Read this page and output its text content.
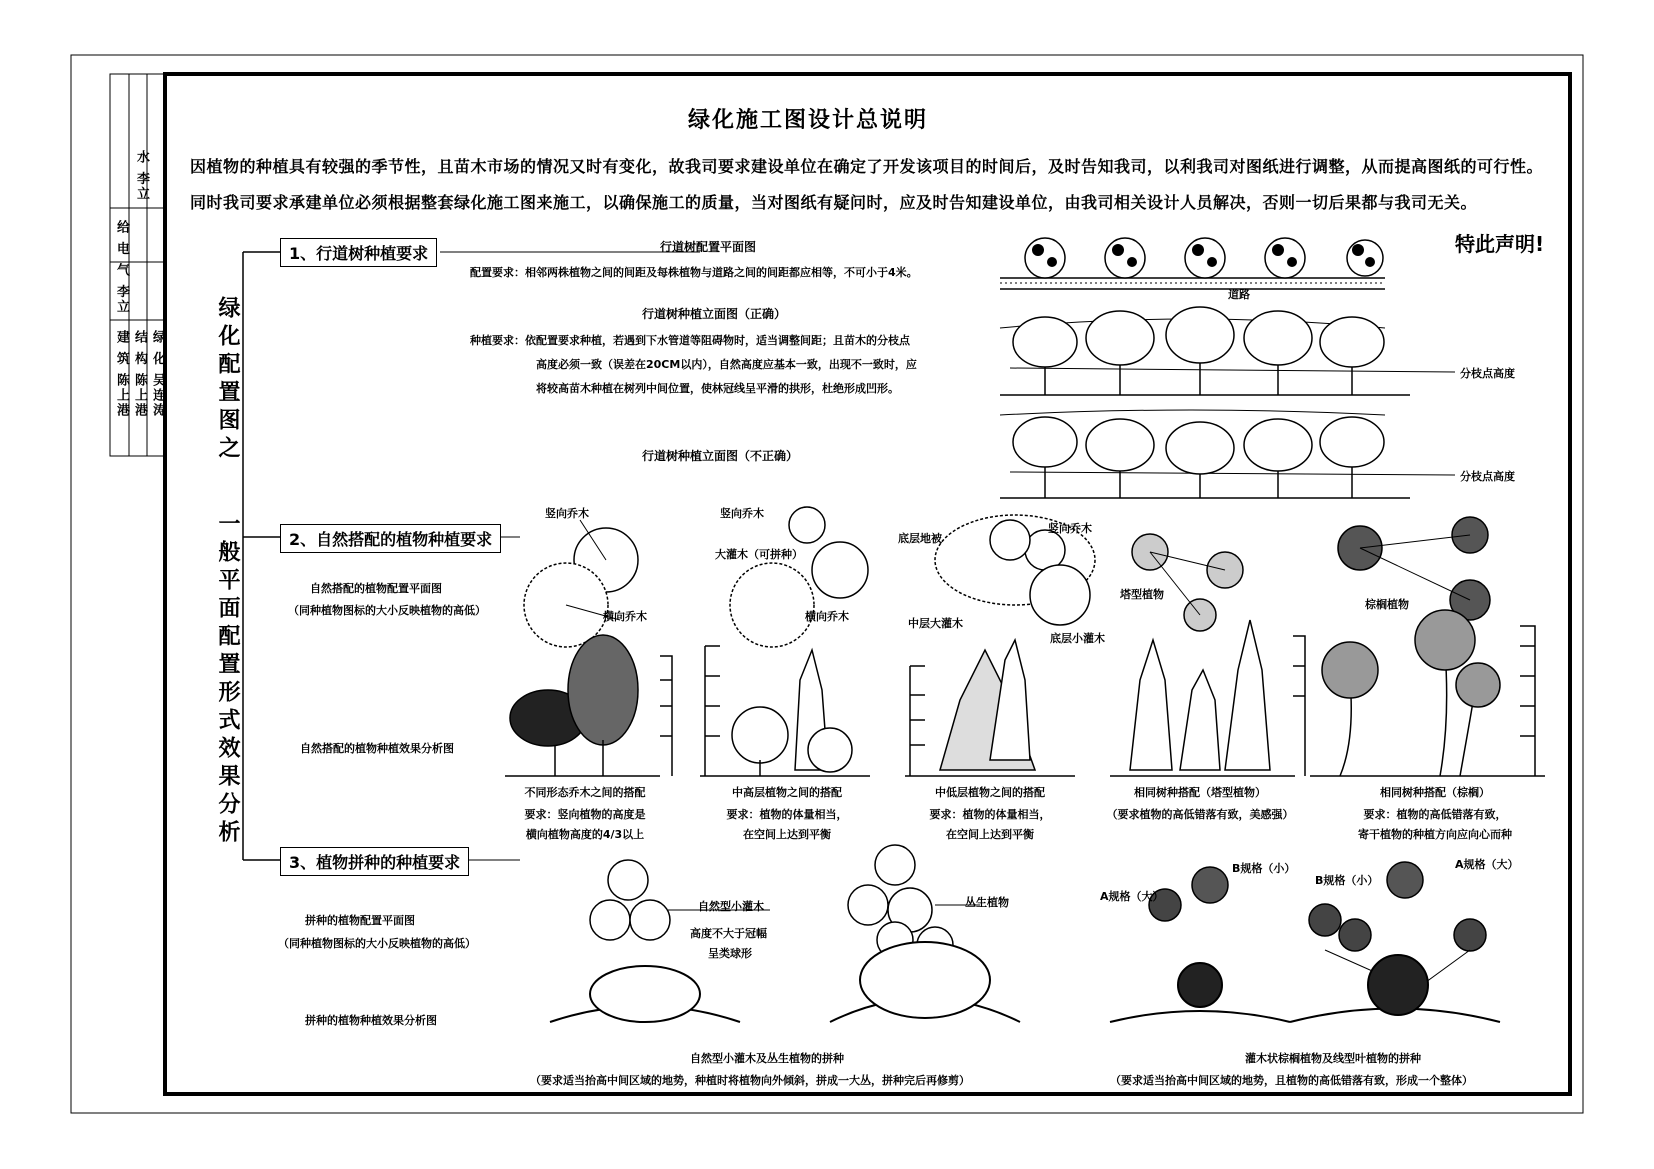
水 李立
给 电 气 李立
建 筑 陈上港 结 构 陈上港 绿 化 吴连涛
绿化施工图设计总说明
因植物的种植具有较强的季节性，且苗木市场的情况又时有变化，故我司要求建设单位在确定了开发该项目的时间后，及时告知我司，以利我司对图纸进行调整，从而提高图纸的可行性。
同时我司要求承建单位必须根据整套绿化施工图来施工，以确保施工的质量，当对图纸有疑问时，应及时告知建设单位，由我司相关设计人员解决，否则一切后果都与我司无关。
特此声明!
绿化配置图之
一般平面配置形式效果分析
1、行道树种植要求
2、自然搭配的植物种植要求
3、植物拼种的种植要求
行道树配置平面图
配置要求：相邻两株植物之间的间距及每株植物与道路之间的间距都应相等，不可小于4米。
道路
行道树种植立面图（正确）
种植要求：依配置要求种植，若遇到下水管道等阻碍物时，适当调整间距；且苗木的分枝点
高度必须一致（误差在20CM以内），自然高度应基本一致，出现不一致时，应
将较高苗木种植在树列中间位置，使林冠线呈平滑的拱形，杜绝形成凹形。
行道树种植立面图（不正确）
分枝点高度
分枝点高度
自然搭配的植物配置平面图
（同种植物图标的大小反映植物的高低）
自然搭配的植物种植效果分析图
竖向乔木
横向乔木
竖向乔木
大灌木（可拼种）
横向乔木
底层地被
竖向乔木
中层大灌木
底层小灌木
塔型植物
棕榈植物
不同形态乔木之间的搭配
要求：竖向植物的高度是
横向植物高度的4/3以上
中高层植物之间的搭配
要求：植物的体量相当，
在空间上达到平衡
中低层植物之间的搭配
要求：植物的体量相当，
在空间上达到平衡
相同树种搭配（塔型植物）
（要求植物的高低错落有致，美感强）
相同树种搭配（棕榈）
要求：植物的高低错落有致，
寄干植物的种植方向应向心而种
拼种的植物配置平面图
（同种植物图标的大小反映植物的高低）
拼种的植物种植效果分析图
自然型小灌木
高度不大于冠幅
呈类球形
丛生植物	A规格（大）
B规格（小）
B规格（小）
A规格（大）
自然型小灌木及丛生植物的拼种
（要求适当抬高中间区域的地势，种植时将植物向外倾斜，拼成一大丛，拼种完后再修剪）
灌木状棕榈植物及线型叶植物的拼种
（要求适当抬高中间区域的地势，且植物的高低错落有致，形成一个整体）
